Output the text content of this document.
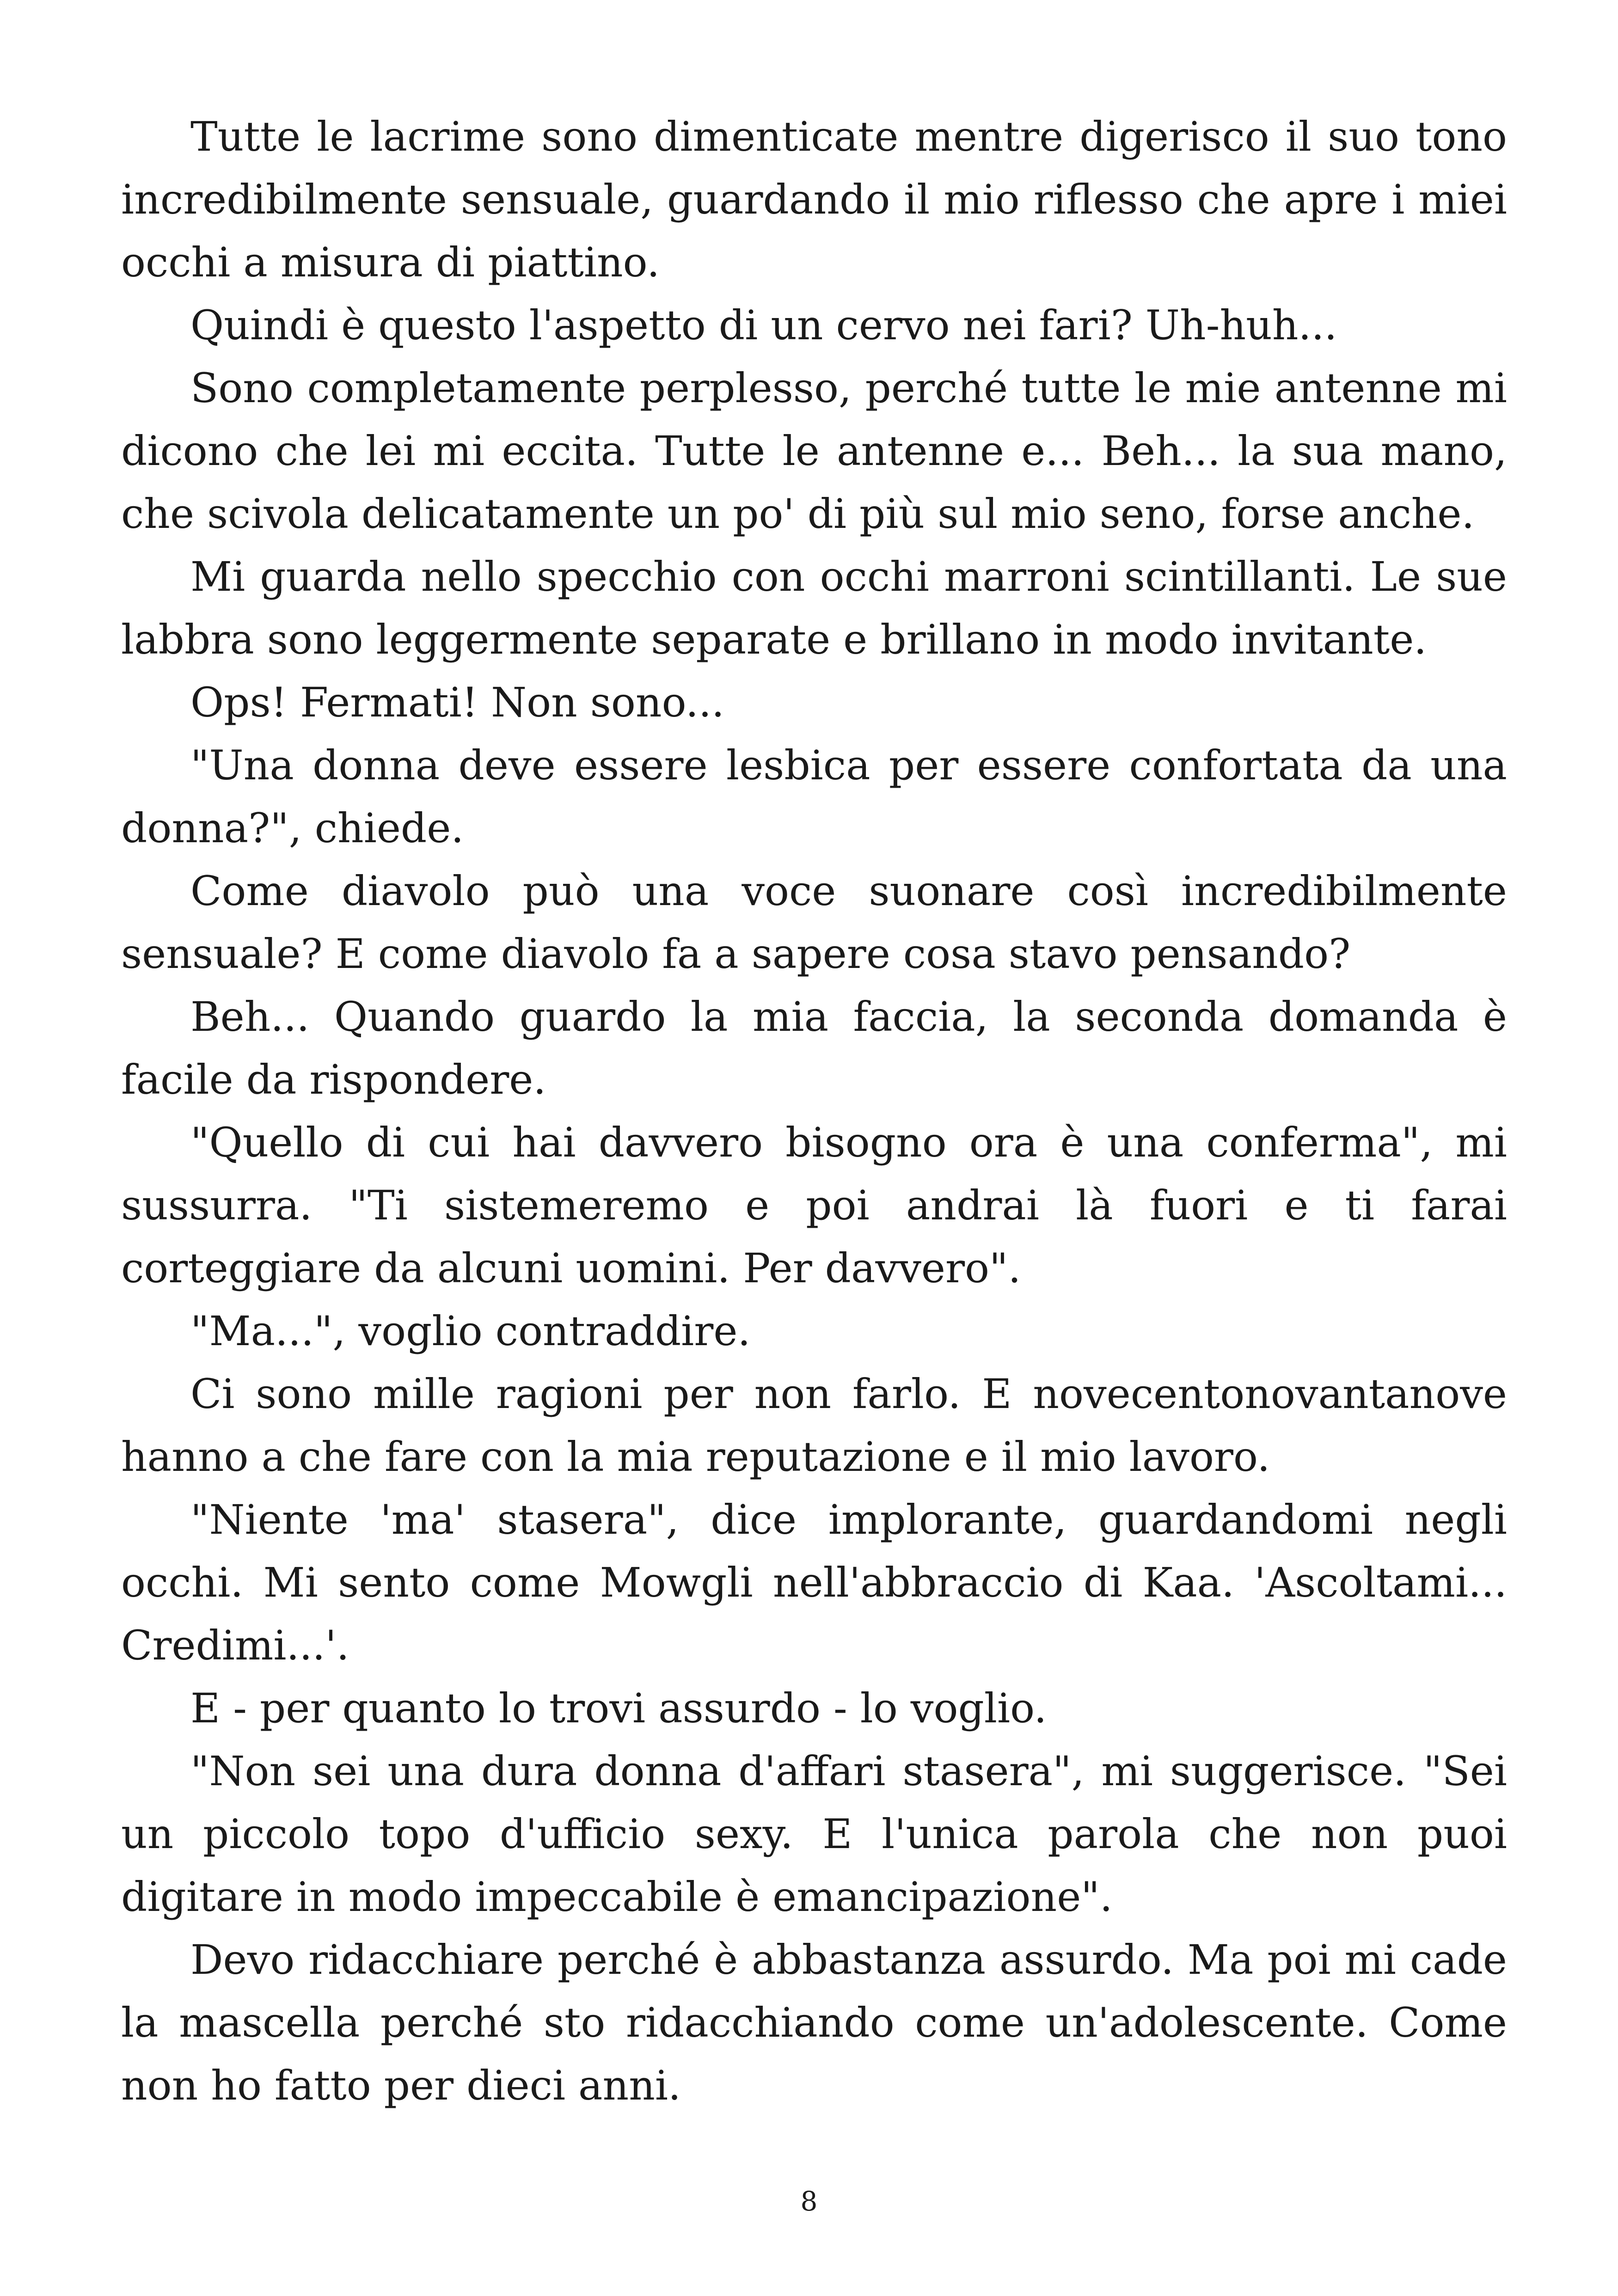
Tutte le lacrime sono dimenticate mentre digerisco il suo tono incredibilmente sensuale, guardando il mio riflesso che apre i miei occhi a misura di piattino.

Quindi è questo l'aspetto di un cervo nei fari? Uh-huh...

Sono completamente perplesso, perché tutte le mie antenne mi dicono che lei mi eccita. Tutte le antenne e... Beh... la sua mano, che scivola delicatamente un po' di più sul mio seno, forse anche.

Mi guarda nello specchio con occhi marroni scintillanti. Le sue labbra sono leggermente separate e brillano in modo invitante.

Ops! Fermati! Non sono...

"Una donna deve essere lesbica per essere confortata da una donna?", chiede.

Come diavolo può una voce suonare così incredibilmente sensuale? E come diavolo fa a sapere cosa stavo pensando?

Beh... Quando guardo la mia faccia, la seconda domanda è facile da rispondere.

"Quello di cui hai davvero bisogno ora è una conferma", mi sussurra. "Ti sistemeremo e poi andrai là fuori e ti farai corteggiare da alcuni uomini. Per davvero".

"Ma...", voglio contraddire.

Ci sono mille ragioni per non farlo. E novecentonovantanove hanno a che fare con la mia reputazione e il mio lavoro.

"Niente 'ma' stasera", dice implorante, guardandomi negli occhi. Mi sento come Mowgli nell'abbraccio di Kaa. 'Ascoltami... Credimi...'.

E - per quanto lo trovi assurdo - lo voglio.

"Non sei una dura donna d'affari stasera", mi suggerisce. "Sei un piccolo topo d'ufficio sexy. E l'unica parola che non puoi digitare in modo impeccabile è emancipazione".

Devo ridacchiare perché è abbastanza assurdo. Ma poi mi cade la mascella perché sto ridacchiando come un'adolescente. Come non ho fatto per dieci anni.

8
